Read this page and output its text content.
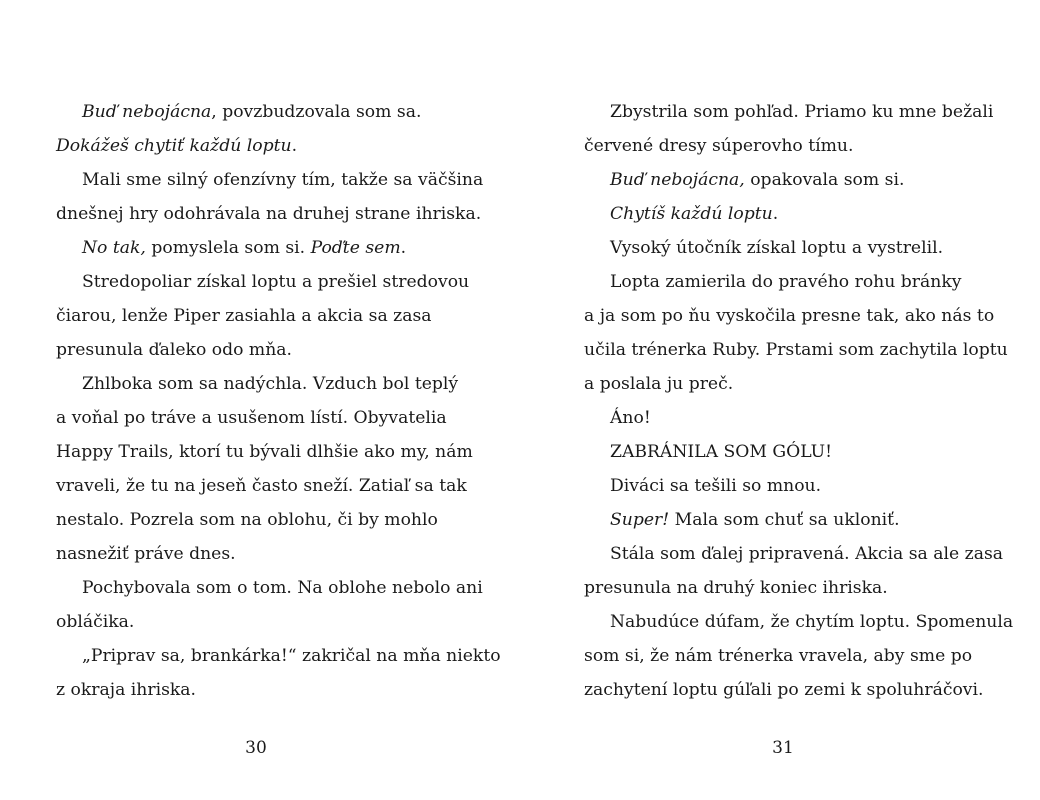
Buď nebojácna, povzbudzovala som sa.
Dokážeš chytiť každú loptu.
Mali sme silný ofenzívny tím, takže sa väčšina
dnešnej hry odohrávala na druhej strane ihriska.
No tak, pomyslela som si. Poďte sem.
Stredopoliar získal loptu a prešiel stredovou
čiarou, lenže Piper zasiahla a akcia sa zasa
presunula ďaleko odo mňa.
Zhlboka som sa nadýchla. Vzduch bol teplý
a voňal po tráve a usušenom lístí. Obyvatelia
Happy Trails, ktorí tu bývali dlhšie ako my, nám
vraveli, že tu na jeseň často sneží. Zatiaľ sa tak
nestalo. Pozrela som na oblohu, či by mohlo
nasnežiť práve dnes.
Pochybovala som o tom. Na oblohe nebolo ani
obláčika.
„Priprav sa, brankárka!“ zakričal na mňa niekto
z okraja ihriska.
Zbystrila som pohľad. Priamo ku mne bežali
červené dresy súperovho tímu.
Buď nebojácna, opakovala som si.
Chytíš každú loptu.
Vysoký útočník získal loptu a vystrelil.
Lopta zamierila do pravého rohu bránky
a ja som po ňu vyskočila presne tak, ako nás to
učila trénerka Ruby. Prstami som zachytila loptu
a poslala ju preč.
Áno!
ZABRÁNILA SOM GÓLU!
Diváci sa tešili so mnou.
Super! Mala som chuť sa ukloniť.
Stála som ďalej pripravená. Akcia sa ale zasa
presunula na druhý koniec ihriska.
Nabudúce dúfam, že chytím loptu. Spomenula
som si, že nám trénerka vravela, aby sme po
zachytení loptu gúľali po zemi k spoluhráčovi.
30	31
